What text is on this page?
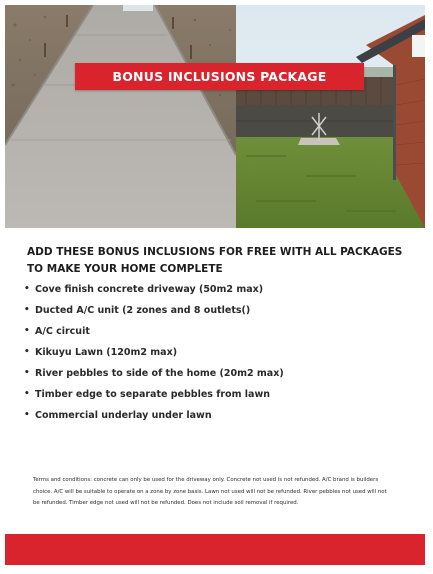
BONUS INCLUSIONS PACKAGE
ADD THESE BONUS INCLUSIONS FOR FREE WITH ALL PACKAGES TO MAKE YOUR HOME COMPLETE
• Cove finish concrete driveway (50m2 max)
• Ducted A/C unit (2 zones and 8 outlets()
• A/C circuit
• Kikuyu Lawn (120m2 max)
• River pebbles to side of the home (20m2 max)
• Timber edge to separate pebbles from lawn
• Commercial underlay under lawn

Terms and conditions: concrete can only be used for the driveway only. Concrete not used is not refunded. A/C brand is builders choice. A/C will be suitable to operate on a zone by zone basis. Lawn not used will not be refunded. River pebbles not used will not be refunded. Timber edge not used will not be refunded. Does not include soil removal if required.
